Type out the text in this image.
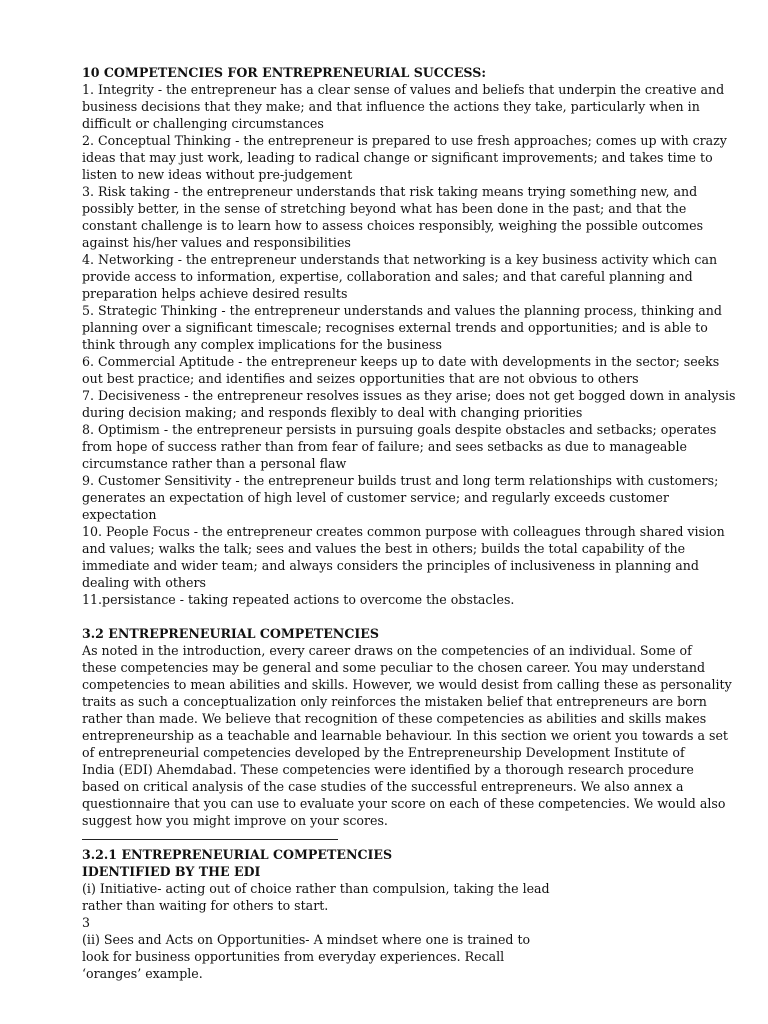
10 COMPETENCIES FOR ENTREPRENEURIAL SUCCESS:
1. Integrity - the entrepreneur has a clear sense of values and beliefs that underpin the creative and
business decisions that they make; and that influence the actions they take, particularly when in
difficult or challenging circumstances
2. Conceptual Thinking - the entrepreneur is prepared to use fresh approaches; comes up with crazy
ideas that may just work, leading to radical change or significant improvements; and takes time to
listen to new ideas without pre-judgement
3. Risk taking - the entrepreneur understands that risk taking means trying something new, and
possibly better, in the sense of stretching beyond what has been done in the past; and that the
constant challenge is to learn how to assess choices responsibly, weighing the possible outcomes
against his/her values and responsibilities
4. Networking - the entrepreneur understands that networking is a key business activity which can
provide access to information, expertise, collaboration and sales; and that careful planning and
preparation helps achieve desired results
5. Strategic Thinking - the entrepreneur understands and values the planning process, thinking and
planning over a significant timescale; recognises external trends and opportunities; and is able to
think through any complex implications for the business
6. Commercial Aptitude - the entrepreneur keeps up to date with developments in the sector; seeks
out best practice; and identifies and seizes opportunities that are not obvious to others
7. Decisiveness - the entrepreneur resolves issues as they arise; does not get bogged down in analysis
during decision making; and responds flexibly to deal with changing priorities
8. Optimism - the entrepreneur persists in pursuing goals despite obstacles and setbacks; operates
from hope of success rather than from fear of failure; and sees setbacks as due to manageable
circumstance rather than a personal flaw
9. Customer Sensitivity - the entrepreneur builds trust and long term relationships with customers;
generates an expectation of high level of customer service; and regularly exceeds customer
expectation
10. People Focus - the entrepreneur creates common purpose with colleagues through shared vision
and values; walks the talk; sees and values the best in others; builds the total capability of the
immediate and wider team; and always considers the principles of inclusiveness in planning and
dealing with others
11.persistance - taking repeated actions to overcome the obstacles.
3.2 ENTREPRENEURIAL COMPETENCIES
As noted in the introduction, every career draws on the competencies of an individual. Some of
these competencies may be general and some peculiar to the chosen career. You may understand
competencies to mean abilities and skills. However, we would desist from calling these as personality
traits as such a conceptualization only reinforces the mistaken belief that entrepreneurs are born
rather than made. We believe that recognition of these competencies as abilities and skills makes
entrepreneurship as a teachable and learnable behaviour. In this section we orient you towards a set
of entrepreneurial competencies developed by the Entrepreneurship Development Institute of
India (EDI) Ahemdabad. These competencies were identified by a thorough research procedure
based on critical analysis of the case studies of the successful entrepreneurs. We also annex a
questionnaire that you can use to evaluate your score on each of these competencies. We would also
suggest how you might improve on your scores.
3.2.1 ENTREPRENEURIAL COMPETENCIES
IDENTIFIED BY THE EDI
(i) Initiative- acting out of choice rather than compulsion, taking the lead
rather than waiting for others to start.
3
(ii) Sees and Acts on Opportunities- A mindset where one is trained to
look for business opportunities from everyday experiences. Recall
‘oranges’ example.
